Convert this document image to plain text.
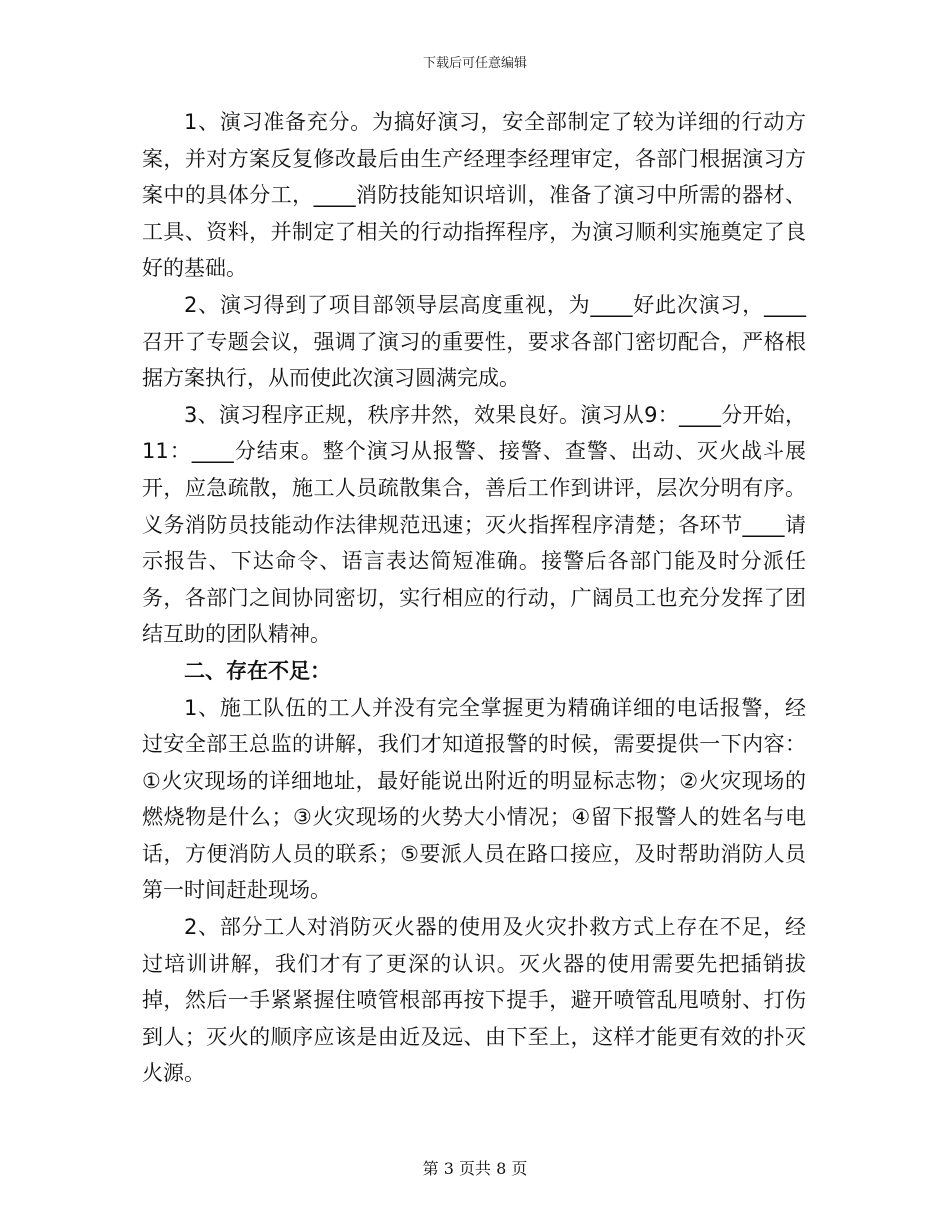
下载后可任意编辑

1、演习准备充分。为搞好演习，安全部制定了较为详细的行动方案，并对方案反复修改最后由生产经理李经理审定，各部门根据演习方案中的具体分工，____消防技能知识培训，准备了演习中所需的器材、工具、资料，并制定了相关的行动指挥程序，为演习顺利实施奠定了良好的基础。

2、演习得到了项目部领导层高度重视，为____好此次演习，____召开了专题会议，强调了演习的重要性，要求各部门密切配合，严格根据方案执行，从而使此次演习圆满完成。

3、演习程序正规，秩序井然，效果良好。演习从9：____分开始，11：____分结束。整个演习从报警、接警、查警、出动、灭火战斗展开，应急疏散，施工人员疏散集合，善后工作到讲评，层次分明有序。义务消防员技能动作法律规范迅速；灭火指挥程序清楚；各环节____请示报告、下达命令、语言表达简短准确。接警后各部门能及时分派任务，各部门之间协同密切，实行相应的行动，广阔员工也充分发挥了团结互助的团队精神。

二、存在不足：

1、施工队伍的工人并没有完全掌握更为精确详细的电话报警，经过安全部王总监的讲解，我们才知道报警的时候，需要提供一下内容：①火灾现场的详细地址，最好能说出附近的明显标志物；②火灾现场的燃烧物是什么；③火灾现场的火势大小情况；④留下报警人的姓名与电话，方便消防人员的联系；⑤要派人员在路口接应，及时帮助消防人员第一时间赶赴现场。

2、部分工人对消防灭火器的使用及火灾扑救方式上存在不足，经过培训讲解，我们才有了更深的认识。灭火器的使用需要先把插销拔掉，然后一手紧紧握住喷管根部再按下提手，避开喷管乱甩喷射、打伤到人；灭火的顺序应该是由近及远、由下至上，这样才能更有效的扑灭火源。

第 3 页共 8 页
